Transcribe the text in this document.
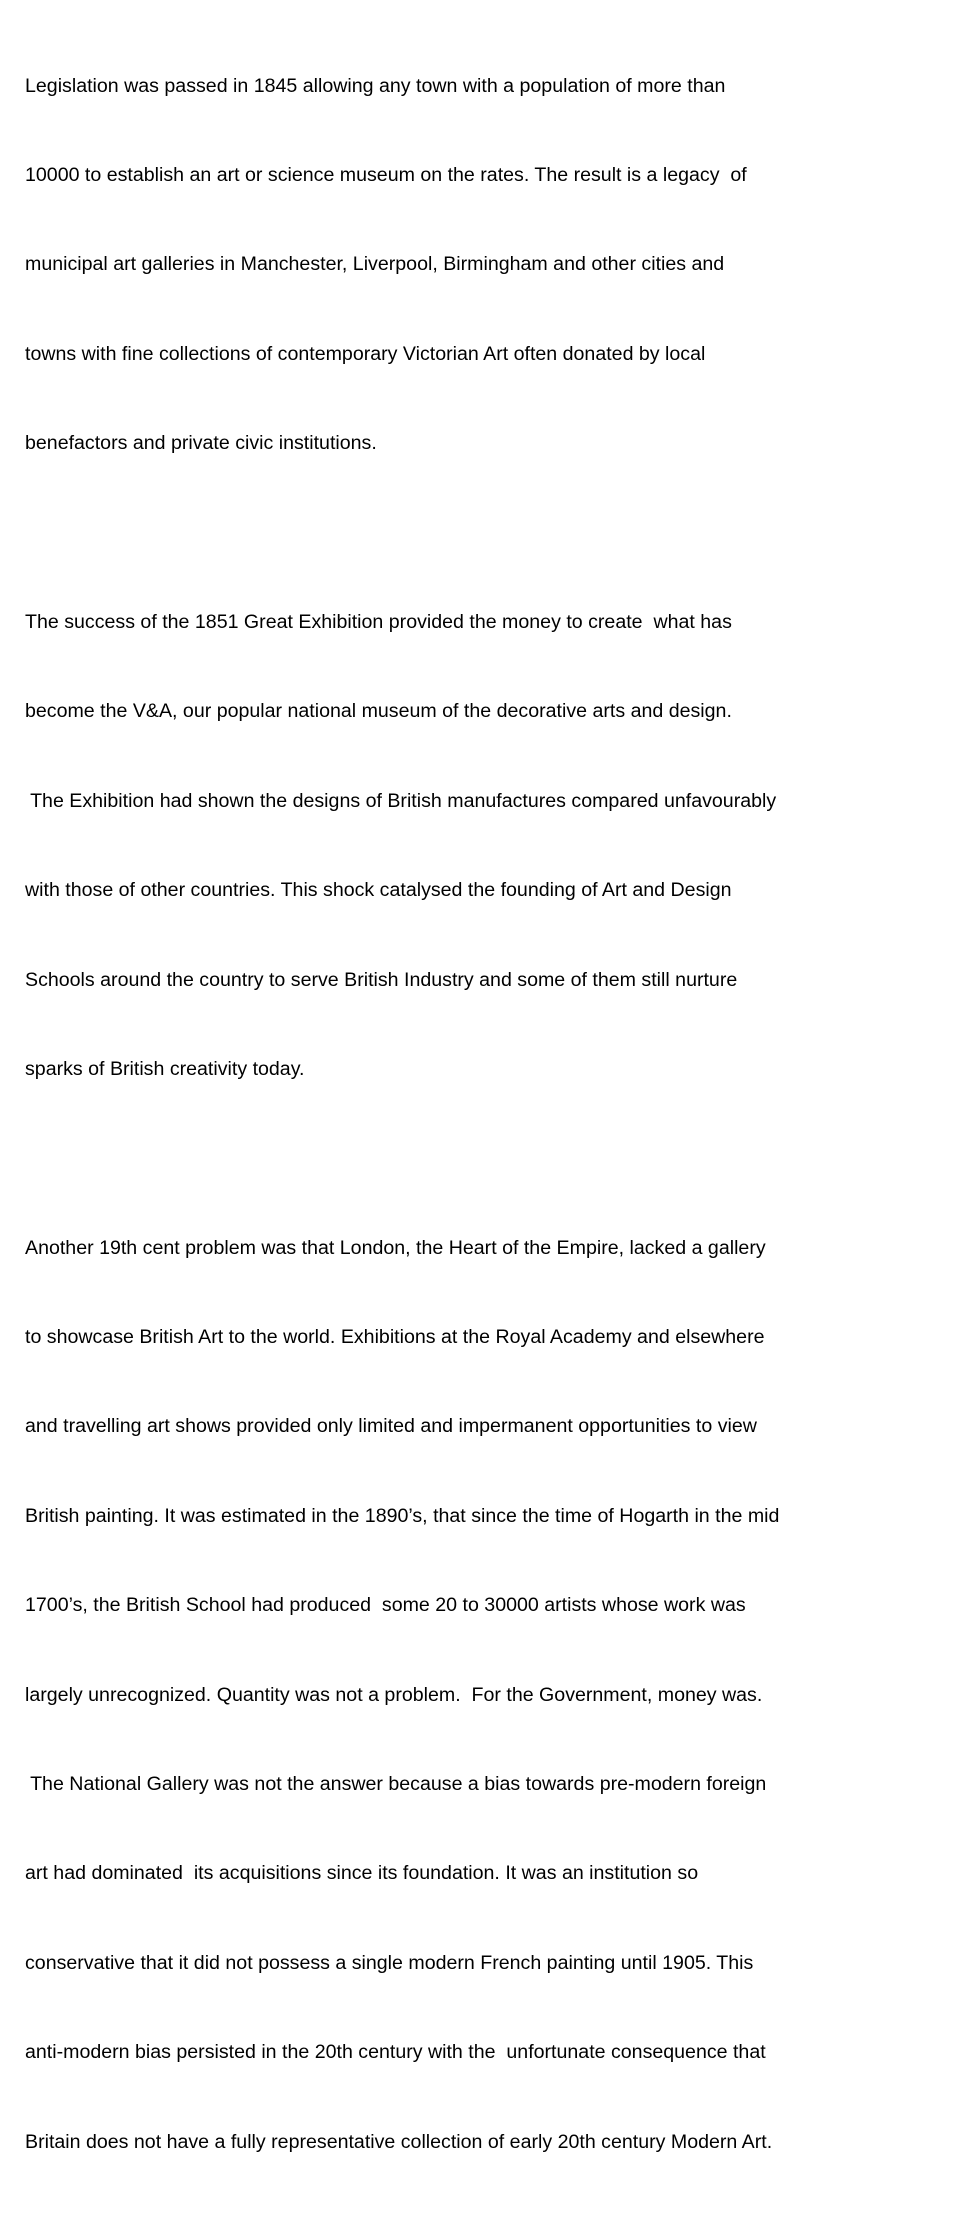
Legislation was passed in 1845 allowing any town with a population of more than

10000 to establish an art or science museum on the rates. The result is a legacy  of

municipal art galleries in Manchester, Liverpool, Birmingham and other cities and

towns with fine collections of contemporary Victorian Art often donated by local

benefactors and private civic institutions.

The success of the 1851 Great Exhibition provided the money to create  what has

become the V&A, our popular national museum of the decorative arts and design.

The Exhibition had shown the designs of British manufactures compared unfavourably

with those of other countries. This shock catalysed the founding of Art and Design

Schools around the country to serve British Industry and some of them still nurture

sparks of British creativity today.

Another 19th cent problem was that London, the Heart of the Empire, lacked a gallery

to showcase British Art to the world. Exhibitions at the Royal Academy and elsewhere

and travelling art shows provided only limited and impermanent opportunities to view

British painting. It was estimated in the 1890’s, that since the time of Hogarth in the mid

1700’s, the British School had produced  some 20 to 30000 artists whose work was

largely unrecognized. Quantity was not a problem.  For the Government, money was.

The National Gallery was not the answer because a bias towards pre-modern foreign

art had dominated  its acquisitions since its foundation. It was an institution so

conservative that it did not possess a single modern French painting until 1905. This

anti-modern bias persisted in the 20th century with the  unfortunate consequence that

Britain does not have a fully representative collection of early 20th century Modern Art.
